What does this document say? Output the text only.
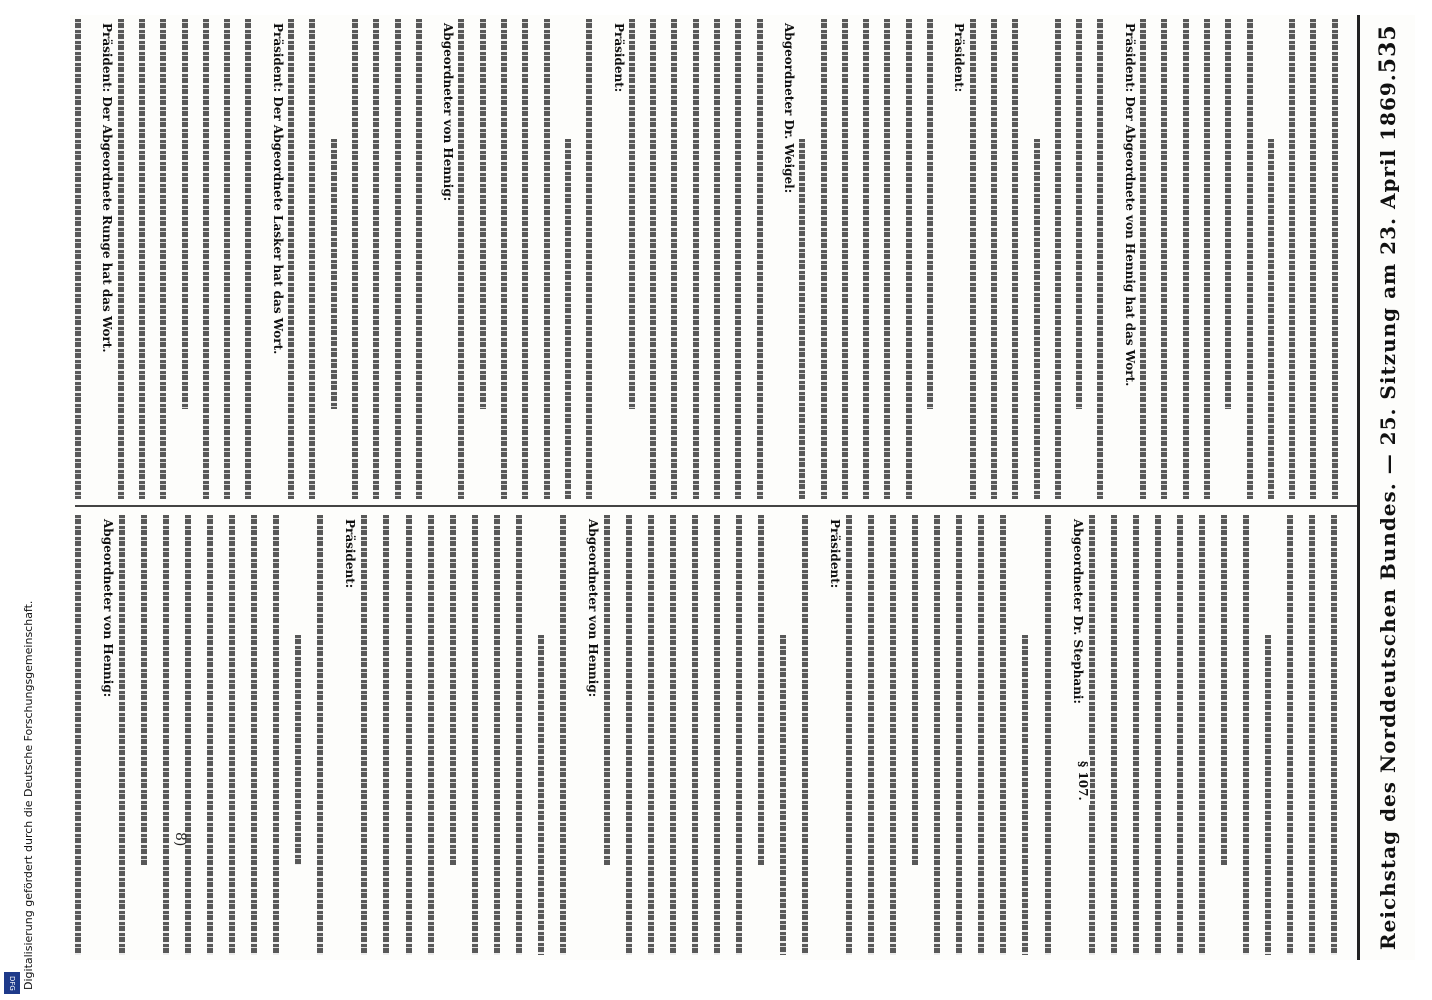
Reichstag des Norddeutschen Bundes. — 25. Sitzung am 23. April 1869.
535
Präsident: Der Abgeordnete von Hennig hat das Wort.
Präsident:
Abgeordneter Dr. Weigel:
Präsident:
Abgeordneter von Hennig:
Präsident: Der Abgeordnete Lasker hat das Wort.
Präsident: Der Abgeordnete Runge hat das Wort.
Abgeordneter Dr. Stephani:
Präsident:
Abgeordneter von Hennig:
Präsident:
Abgeordneter von Hennig:
§ 107.
8)
Digitalisierung gefördert durch die Deutsche Forschungsgemeinschaft.
DFG
